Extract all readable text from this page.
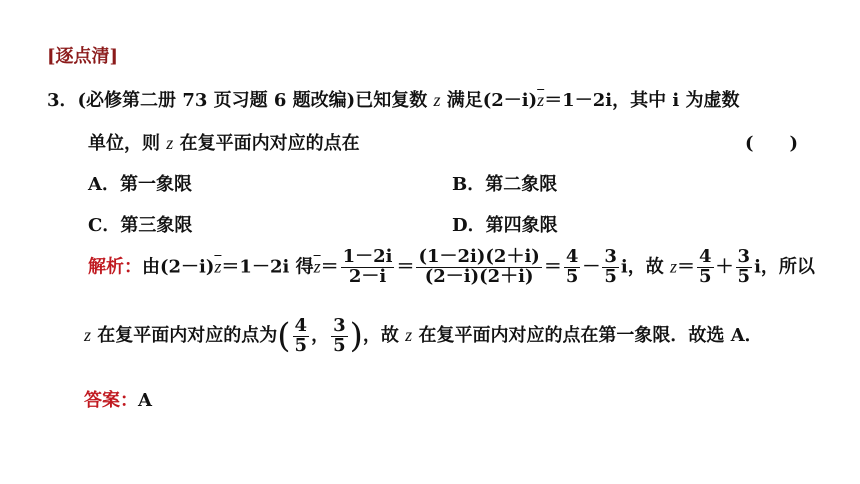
[逐点清]
3．(必修第二册 73 页习题 6 题改编)已知复数 z 满足$(2-i)\overline{z}=1-2i$，其中 i 为虚数
单位，则 z 在复平面内对应的点在	(　　)
A．第一象限	B．第二象限
C．第三象限	D．第四象限
解析：由$(2-i)\overline{z}=1-2i$ 得$\overline{z}= \frac{1-2i}{2-i} = \frac{(1-2i)(2+i)}{(2-i)(2+i)} = \frac{4}{5} - \frac{3}{5}$ i，故 $z= \frac{4}{5} + \frac{3}{5}$ i，所以
z 在复平面内对应的点为( $\frac{4}{5}$ ， $\frac{3}{5}$ )，故 z 在复平面内对应的点在第一象限．故选 A．
答案：A
